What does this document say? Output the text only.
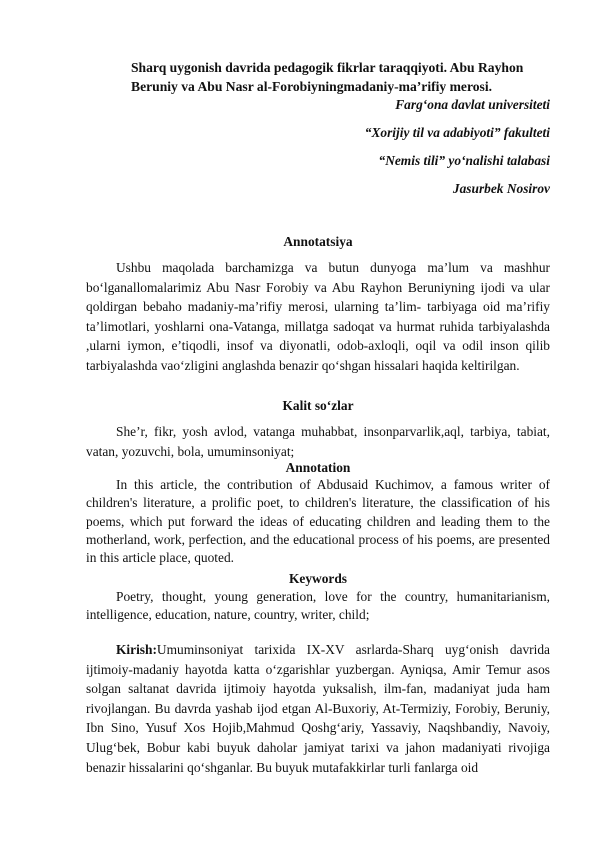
Sharq uygonish davrida pedagogik fikrlar taraqqiyoti. Abu Rayhon Beruniy va Abu Nasr al-Forobiyningmadaniy-ma’rifiy merosi.
Farg‘ona davlat universiteti
“Xorijiy til va adabiyoti” fakulteti
“Nemis tili” yo‘nalishi talabasi
Jasurbek Nosirov
Annotatsiya
Ushbu maqolada barchamizga va butun dunyoga ma’lum va mashhur bo‘lganallomalarimiz Abu Nasr Forobiy va Abu Rayhon Beruniyning ijodi va ular qoldirgan bebaho madaniy-ma’rifiy merosi, ularning ta’lim- tarbiyaga oid ma’rifiy ta’limotlari, yoshlarni ona-Vatanga, millatga sadoqat va hurmat ruhida tarbiyalashda ,ularni iymon, e’tiqodli, insof va diyonatli, odob-axloqli, oqil va odil inson qilib tarbiyalashda vao‘zligini anglashda benazir qo‘shgan hissalari haqida keltirilgan.
Kalit so‘zlar
She’r, fikr, yosh avlod, vatanga muhabbat, insonparvarlik,aql, tarbiya, tabiat, vatan, yozuvchi, bola, umuminsoniyat;
Annotation
In this article, the contribution of Abdusaid Kuchimov, a famous writer of children's literature, a prolific poet, to children's literature, the classification of his poems, which put forward the ideas of educating children and leading them to the motherland, work, perfection, and the educational process of his poems, are presented in this article place, quoted.
Keywords
Poetry, thought, young generation, love for the country, humanitarianism, intelligence, education, nature, country, writer, child;
Kirish:Umuminsoniyat tarixida IX-XV asrlarda-Sharq uyg‘onish davrida ijtimoiy-madaniy hayotda katta o‘zgarishlar yuzbergan. Ayniqsa, Amir Temur asos solgan saltanat davrida ijtimoiy hayotda yuksalish, ilm-fan, madaniyat juda ham rivojlangan. Bu davrda yashab ijod etgan Al-Buxoriy, At-Termiziy, Forobiy, Beruniy, Ibn Sino, Yusuf Xos Hojib,Mahmud Qoshg‘ariy, Yassaviy, Naqshbandiy, Navoiy, Ulug‘bek, Bobur kabi buyuk daholar jamiyat tarixi va jahon madaniyati rivojiga benazir hissalarini qo‘shganlar. Bu buyuk mutafakkirlar turli fanlarga oid
